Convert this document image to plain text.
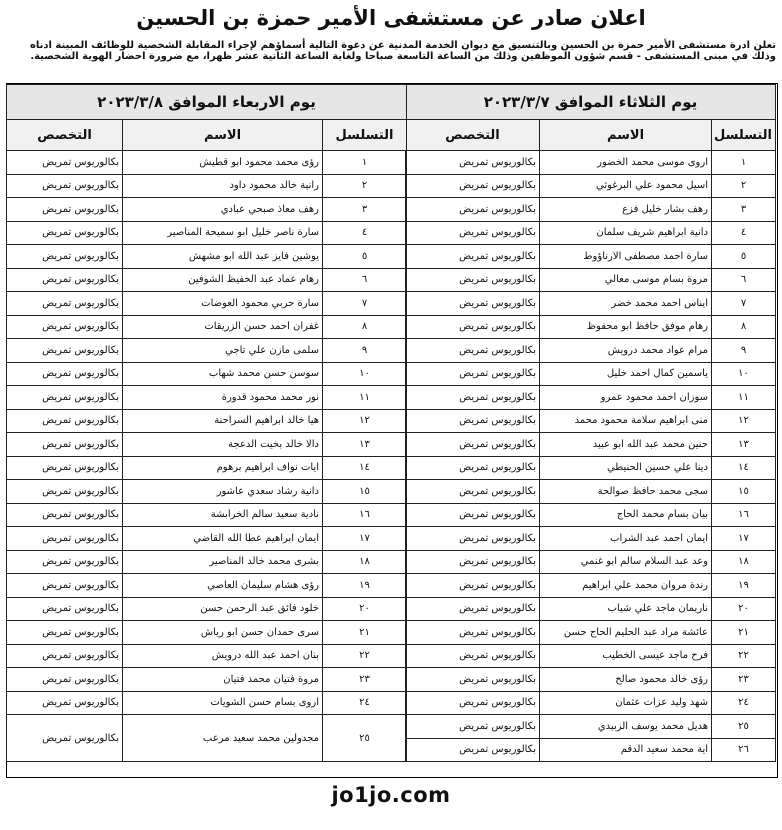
اعلان صادر عن مستشفى الأمير حمزة بن الحسين

تعلن ادرة مستشفى الأمير حمزة بن الحسين وبالتنسيق مع ديوان الخدمة المدنية عن دعوة التالية أسماؤهم لإجراء المقابلة الشخصية للوظائف المبينة ادناه

وذلك في مبنى المستشفى - قسم شؤون الموظفين وذلك من الساعة التاسعة صباحا ولغاية الساعة الثانية عشر ظهرا، مع ضرورة احضار الهوية الشخصية.

يوم الثلاثاء الموافق ٢٠٢٣/٣/٧		
التسلسل	الاسم	التخصص
١	اروى موسى محمد الخضور	بكالوريوس تمريض
٢	اسيل محمود علي البرغوثي	بكالوريوس تمريض
٣	رهف بشار خليل فزع	بكالوريوس تمريض
٤	دانية ابراهيم شريف سلمان	بكالوريوس تمريض
٥	سارة احمد مصطفى الارناؤوط	بكالوريوس تمريض
٦	مروة بسام موسى معالي	بكالوريوس تمريض
٧	ايناس احمد محمد خضر	بكالوريوس تمريض
٨	رهام موفق حافظ ابو محفوظ	بكالوريوس تمريض
٩	مرام عواد محمد درويش	بكالوريوس تمريض
١٠	ياسمين كمال احمد خليل	بكالوريوس تمريض
١١	سوزان احمد محمود عمرو	بكالوريوس تمريض
١٢	منى ابراهيم سلامة محمود محمد	بكالوريوس تمريض
١٣	حنين محمد عبد الله ابو عبيد	بكالوريوس تمريض
١٤	دينا علي حسين الحنيطي	بكالوريوس تمريض
١٥	سجى محمد حافظ صوالحة	بكالوريوس تمريض
١٦	بيان بسام محمد الحاج	بكالوريوس تمريض
١٧	ايمان احمد عبد الشراب	بكالوريوس تمريض
١٨	وعد عبد السلام سالم ابو غنمي	بكالوريوس تمريض
١٩	رندة مروان محمد علي ابراهيم	بكالوريوس تمريض
٢٠	ناريمان ماجد علي شياب	بكالوريوس تمريض
٢١	عائشة مراد عبد الحليم الحاج حسن	بكالوريوس تمريض
٢٢	فرح ماجد عيسى الخطيب	بكالوريوس تمريض
٢٣	رؤى خالد محمود صالح	بكالوريوس تمريض
٢٤	شهد وليد عزات عثمان	بكالوريوس تمريض
٢٥	هديل محمد يوسف الزبيدي	بكالوريوس تمريض
٢٦	اية محمد سعيد الدقم	بكالوريوس تمريض
يوم الاربعاء الموافق ٢٠٢٣/٣/٨		
التسلسل	الاسم	التخصص
١	رؤى محمد محمود ابو قطيش	بكالوريوس تمريض
٢	رانية خالد محمود داود	بكالوريوس تمريض
٣	رهف معاذ صبحي عبادي	بكالوريوس تمريض
٤	سارة ناصر خليل ابو سميحة المناصير	بكالوريوس تمريض
٥	يوشين فايز عبد الله ابو مشهش	بكالوريوس تمريض
٦	رهام عماد عبد الحفيظ الشوفين	بكالوريوس تمريض
٧	سارة حربي محمود العوضات	بكالوريوس تمريض
٨	غفران احمد حسن الزريقات	بكالوريوس تمريض
٩	سلمى مازن علي تاجي	بكالوريوس تمريض
١٠	سوسن حسن محمد شهاب	بكالوريوس تمريض
١١	نور محمد محمود قدورة	بكالوريوس تمريض
١٢	هيا خالد ابراهيم السراحنة	بكالوريوس تمريض
١٣	دالا خالد بخيت الدعجة	بكالوريوس تمريض
١٤	ايات نواف ابراهيم برهوم	بكالوريوس تمريض
١٥	دانية رشاد سعدي عاشور	بكالوريوس تمريض
١٦	نادية سعيد سالم الخرابشة	بكالوريوس تمريض
١٧	ايمان ابراهيم عطا الله القاضي	بكالوريوس تمريض
١٨	بشرى محمد خالد المناصير	بكالوريوس تمريض
١٩	رؤى هشام سليمان العاصي	بكالوريوس تمريض
٢٠	خلود فائق عبد الرحمن حسن	بكالوريوس تمريض
٢١	سرى حمدان حسن ابو رياش	بكالوريوس تمريض
٢٢	بنان احمد عبد الله درويش	بكالوريوس تمريض
٢٣	مروة فتيان محمد فتيان	بكالوريوس تمريض
٢٤	اروى بسام حسن الشويات	بكالوريوس تمريض
٢٥	مجدولين محمد سعيد مرعب	بكالوريوس تمريض

jo1jo.com
